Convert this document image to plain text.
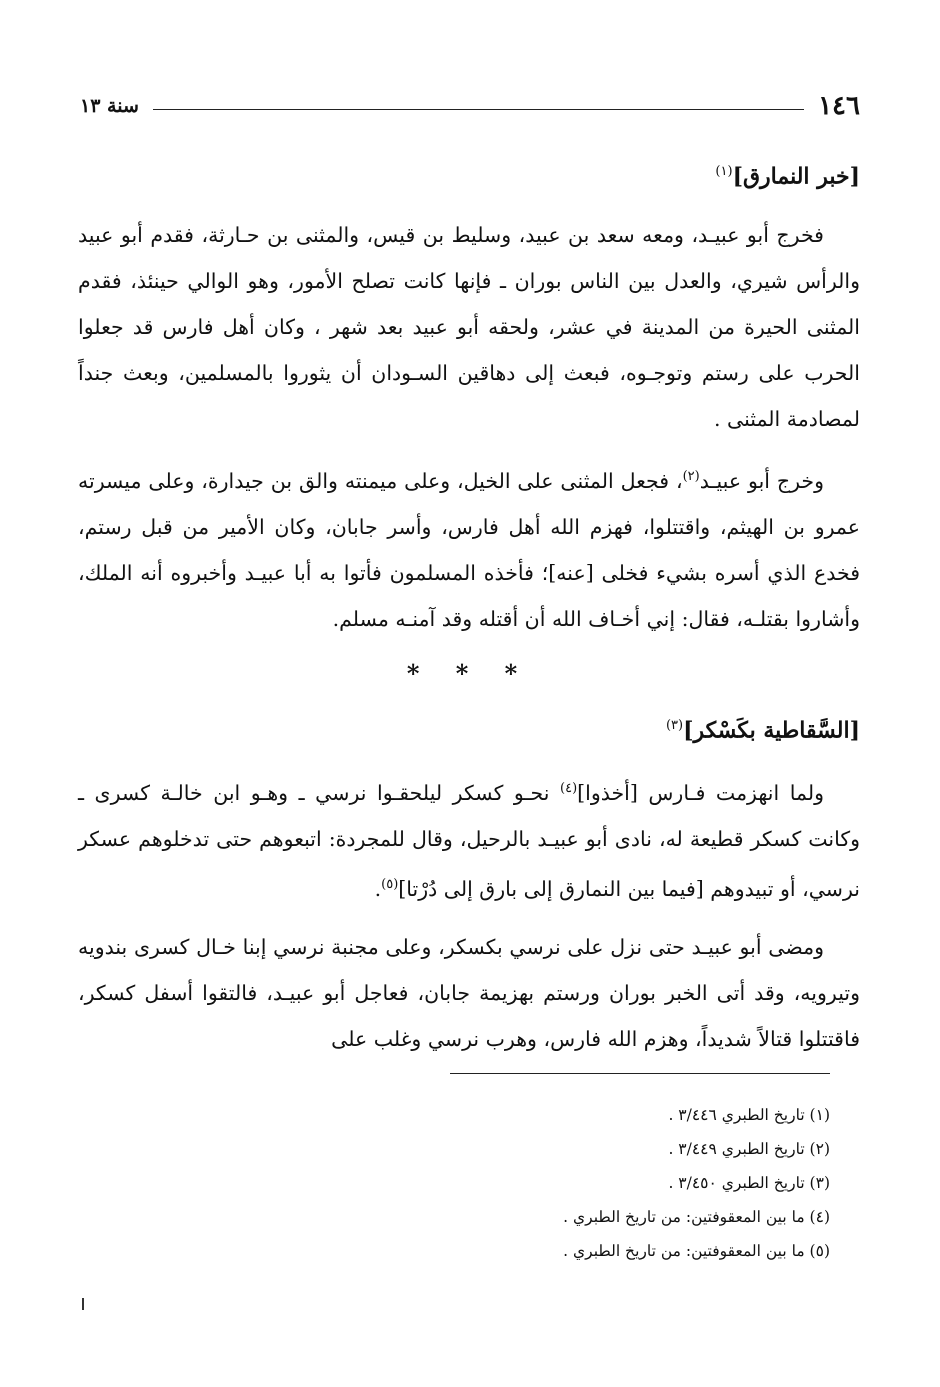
١٤٦
سنة ١٣
[خبر النمارق]$^{(١)}$

فخرج أبو عبيـد، ومعه سعد بن عبيد، وسليط بن قيس، والمثنى بن حـارثة، فقدم أبو عبيد والرأس شيري، والعدل بين الناس بوران ـ فإنها كانت تصلح الأمور، وهو الوالي حينئذ، فقدم المثنى الحيرة من المدينة في عشر، ولحقه أبو عبيد بعد شهر ، وكان أهل فارس قد جعلوا الحرب على رستم وتوجـوه، فبعث إلى دهاقين السـودان أن يثوروا بالمسلمين، وبعث جنداً لمصادمة المثنى .

وخرج أبو عبيـد$^{(٢)}$، فجعل المثنى على الخيل، وعلى ميمنته والق بن جيدارة، وعلى ميسرته عمرو بن الهيثم، واقتتلوا، فهزم الله أهل فارس، وأسر جابان، وكان الأمير من قبل رستم، فخدع الذي أسره بشيء فخلى [عنه]؛ فأخذه المسلمون فأتوا به أبا عبيـد وأخبروه أنه الملك، وأشاروا بقتلـه، فقال: إني أخـاف الله أن أقتله وقد آمنـه مسلم.

* * *
[السَّقاطية بكَسْكر]$^{(٣)}$

ولما انهزمت فـارس [أخذوا]$^{(٤)}$ نحـو كسكر ليلحقـوا نرسي ـ وهـو ابن خالـة كسرى ـ وكانت كسكر قطيعة له، نادى أبو عبيـد بالرحيل، وقال للمجردة: اتبعوهم حتى تدخلوهم عسكر نرسي، أو تبيدوهم [فيما بين النمارق إلى بارق إلى دُرْتا]$^{(٥)}$.

ومضى أبو عبيـد حتى نزل على نرسي بكسكر، وعلى مجنبة نرسي إبنا خـال كسرى بندويه وتيرويه، وقد أتى الخبر بوران ورستم بهزيمة جابان، فعاجل أبو عبيـد، فالتقوا أسفل كسكر، فاقتتلوا قتالاً شديداً، وهزم الله فارس، وهرب نرسي وغلب على

(١) تاريخ الطبري ٣/٤٤٦ .
(٢) تاريخ الطبري ٣/٤٤٩ .
(٣) تاريخ الطبري ٣/٤٥٠ .
(٤) ما بين المعقوفتين: من تاريخ الطبري .
(٥) ما بين المعقوفتين: من تاريخ الطبري .
